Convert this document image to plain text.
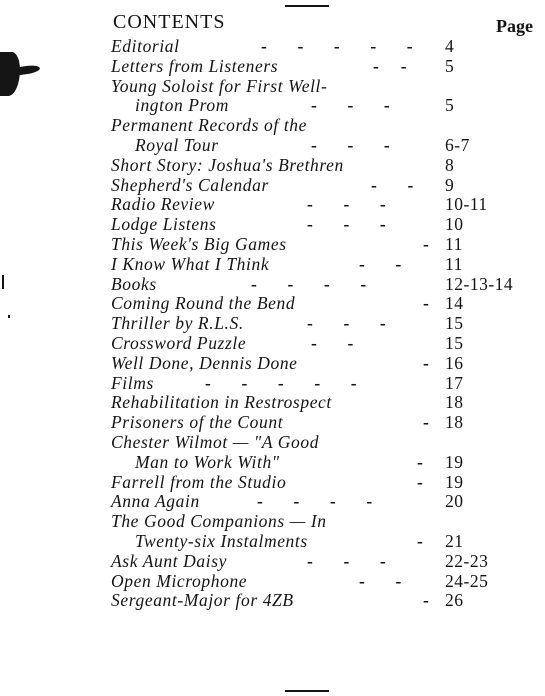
CONTENTS	Page
Editorial	-       -       -       -       - 4
Letters from Listeners	-     - 5
Young Soloist for First Well-
ington Prom	-       -       -	5
Permanent Records of the
Royal Tour	-       -       -	6-7
Short Story: Joshua's Brethren	8
Shepherd's Calendar	-       - 9
Radio Review	-       -       -	10-11
Lodge Listens	-       -       -	10
This Week's Big Games	- 11
I Know What I Think	-       - 11
Books	-       -       -       -	12-13-14
Coming Round the Bend	- 14
Thriller by R.L.S.	-       -       -	15
Crossword Puzzle	-       -	15
Well Done, Dennis Done	- 16
Films	-       -       -       -       -	17
Rehabilitation in Restrospect	18
Prisoners of the Count	- 18
Chester Wilmot — "A Good
Man to Work With"	- 19
Farrell from the Studio	- 19
Anna Again	-       -       -       -	20
The Good Companions — In
Twenty-six Instalments	- 21
Ask Aunt Daisy	-       -       -	22-23
Open Microphone	-       - 24-25
Sergeant-Major for 4ZB	- 26
